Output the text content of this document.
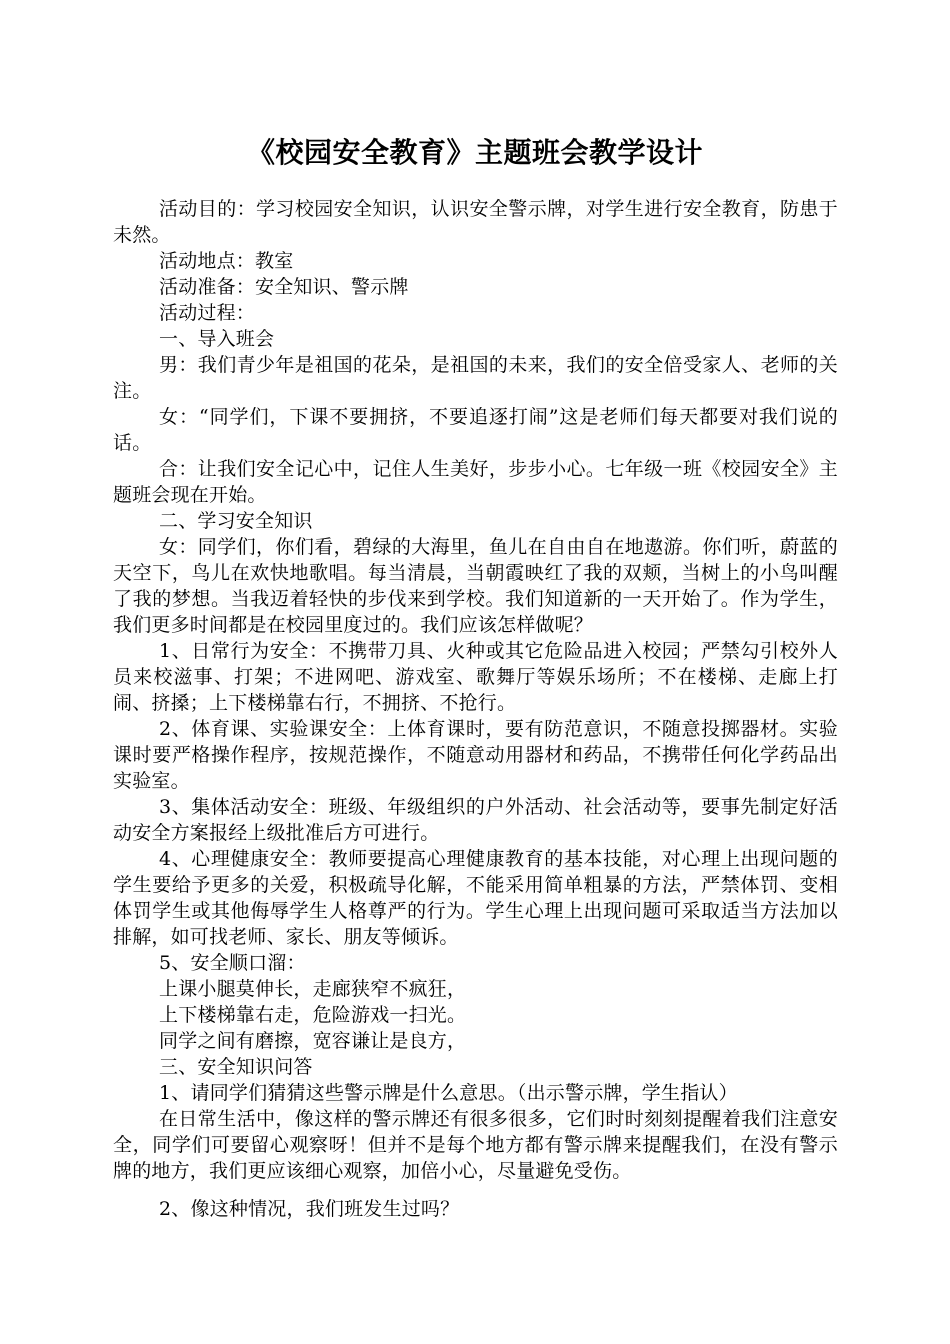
《校园安全教育》主题班会教学设计

活动目的：学习校园安全知识，认识安全警示牌，对学生进行安全教育，防患于未然。

活动地点：教室

活动准备：安全知识、警示牌

活动过程：

一、导入班会

男：我们青少年是祖国的花朵，是祖国的未来，我们的安全倍受家人、老师的关注。

女：“同学们，下课不要拥挤，不要追逐打闹”这是老师们每天都要对我们说的话。

合：让我们安全记心中，记住人生美好，步步小心。七年级一班《校园安全》主题班会现在开始。

二、学习安全知识

女：同学们，你们看，碧绿的大海里，鱼儿在自由自在地遨游。你们听，蔚蓝的天空下，鸟儿在欢快地歌唱。每当清晨，当朝霞映红了我的双颊，当树上的小鸟叫醒了我的梦想。当我迈着轻快的步伐来到学校。我们知道新的一天开始了。作为学生，我们更多时间都是在校园里度过的。我们应该怎样做呢？

1、日常行为安全：不携带刀具、火种或其它危险品进入校园；严禁勾引校外人员来校滋事、打架；不进网吧、游戏室、歌舞厅等娱乐场所；不在楼梯、走廊上打闹、挤搡；上下楼梯靠右行，不拥挤、不抢行。

2、体育课、实验课安全：上体育课时，要有防范意识，不随意投掷器材。实验课时要严格操作程序，按规范操作，不随意动用器材和药品，不携带任何化学药品出实验室。

3、集体活动安全：班级、年级组织的户外活动、社会活动等，要事先制定好活动安全方案报经上级批准后方可进行。

4、心理健康安全：教师要提高心理健康教育的基本技能，对心理上出现问题的学生要给予更多的关爱，积极疏导化解，不能采用简单粗暴的方法，严禁体罚、变相体罚学生或其他侮辱学生人格尊严的行为。学生心理上出现问题可采取适当方法加以排解，如可找老师、家长、朋友等倾诉。

5、安全顺口溜：

上课小腿莫伸长，走廊狭窄不疯狂，

上下楼梯靠右走，危险游戏一扫光。

同学之间有磨擦，宽容谦让是良方，

三、安全知识问答

1、请同学们猜猜这些警示牌是什么意思。（出示警示牌，学生指认）

在日常生活中，像这样的警示牌还有很多很多，它们时时刻刻提醒着我们注意安全，同学们可要留心观察呀！但并不是每个地方都有警示牌来提醒我们，在没有警示牌的地方，我们更应该细心观察，加倍小心，尽量避免受伤。

2、像这种情况，我们班发生过吗？
